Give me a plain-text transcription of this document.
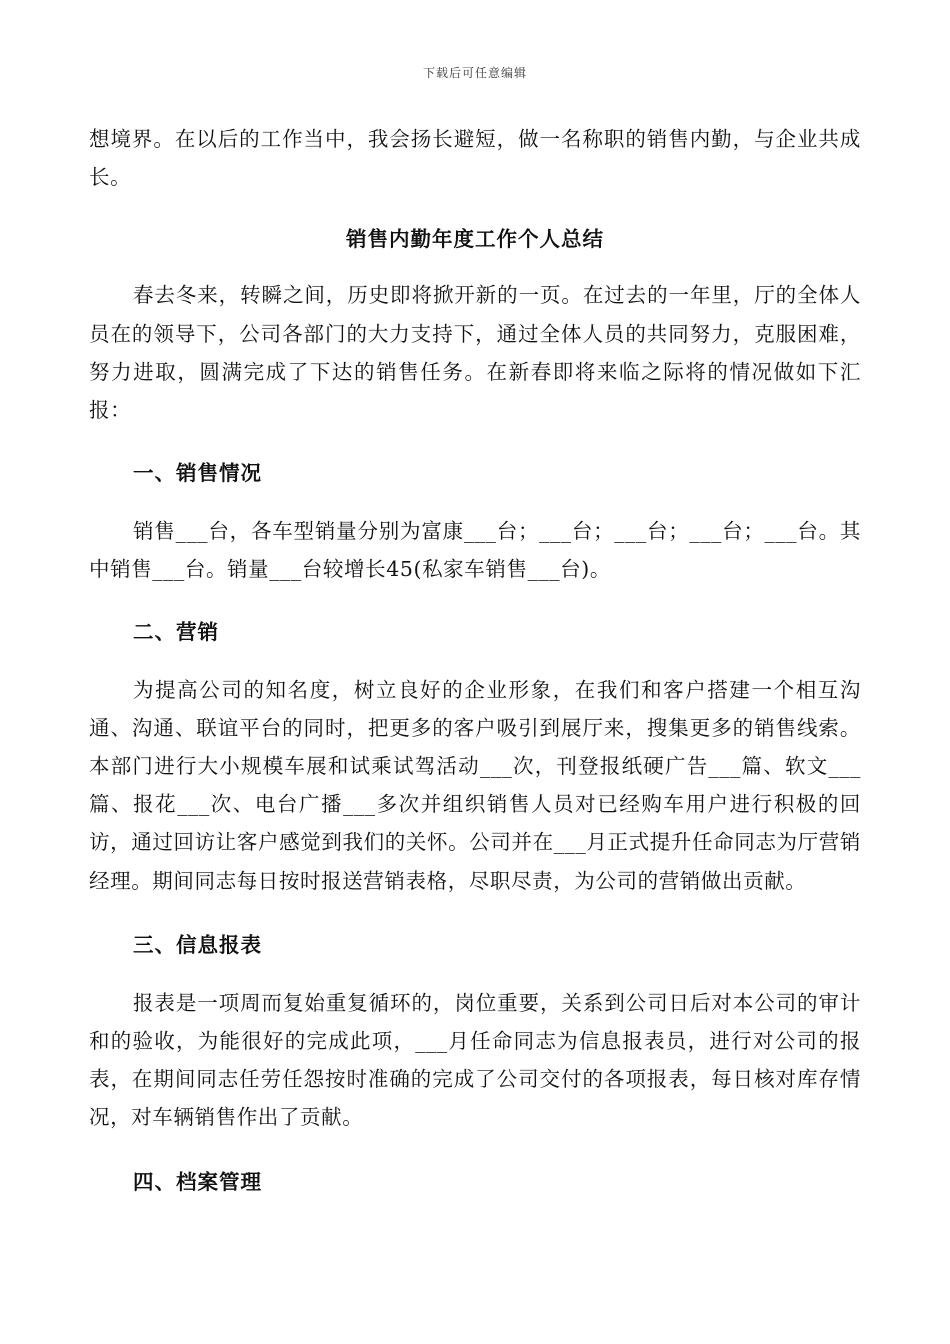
下载后可任意编辑

想境界。在以后的工作当中，我会扬长避短，做一名称职的销售内勤，与企业共成长。

销售内勤年度工作个人总结

春去冬来，转瞬之间，历史即将掀开新的一页。在过去的一年里，厅的全体人员在的领导下，公司各部门的大力支持下，通过全体人员的共同努力，克服困难，努力进取，圆满完成了下达的销售任务。在新春即将来临之际将的情况做如下汇报：

一、销售情况

销售___台，各车型销量分别为富康___台；___台；___台；___台；___台。其中销售___台。销量___台较增长45(私家车销售___台)。

二、营销

为提高公司的知名度，树立良好的企业形象，在我们和客户搭建一个相互沟通、沟通、联谊平台的同时，把更多的客户吸引到展厅来，搜集更多的销售线索。本部门进行大小规模车展和试乘试驾活动___次，刊登报纸硬广告___篇、软文___篇、报花___次、电台广播___多次并组织销售人员对已经购车用户进行积极的回访，通过回访让客户感觉到我们的关怀。公司并在___月正式提升任命同志为厅营销经理。期间同志每日按时报送营销表格，尽职尽责，为公司的营销做出贡献。

三、信息报表

报表是一项周而复始重复循环的，岗位重要，关系到公司日后对本公司的审计和的验收，为能很好的完成此项，___月任命同志为信息报表员，进行对公司的报表，在期间同志任劳任怨按时准确的完成了公司交付的各项报表，每日核对库存情况，对车辆销售作出了贡献。

四、档案管理
